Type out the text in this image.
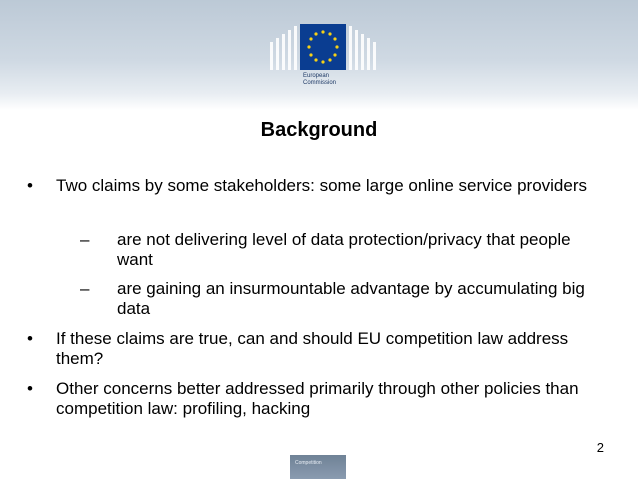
European
Commission
Background
• Two claims by some stakeholders: some large online service providers
– are not delivering level of data protection/privacy that people want
– are gaining an insurmountable advantage by accumulating big data
• If these claims are true, can and should EU competition law address them?
• Other concerns better addressed primarily through other policies than competition law: profiling, hacking
2
Competition
